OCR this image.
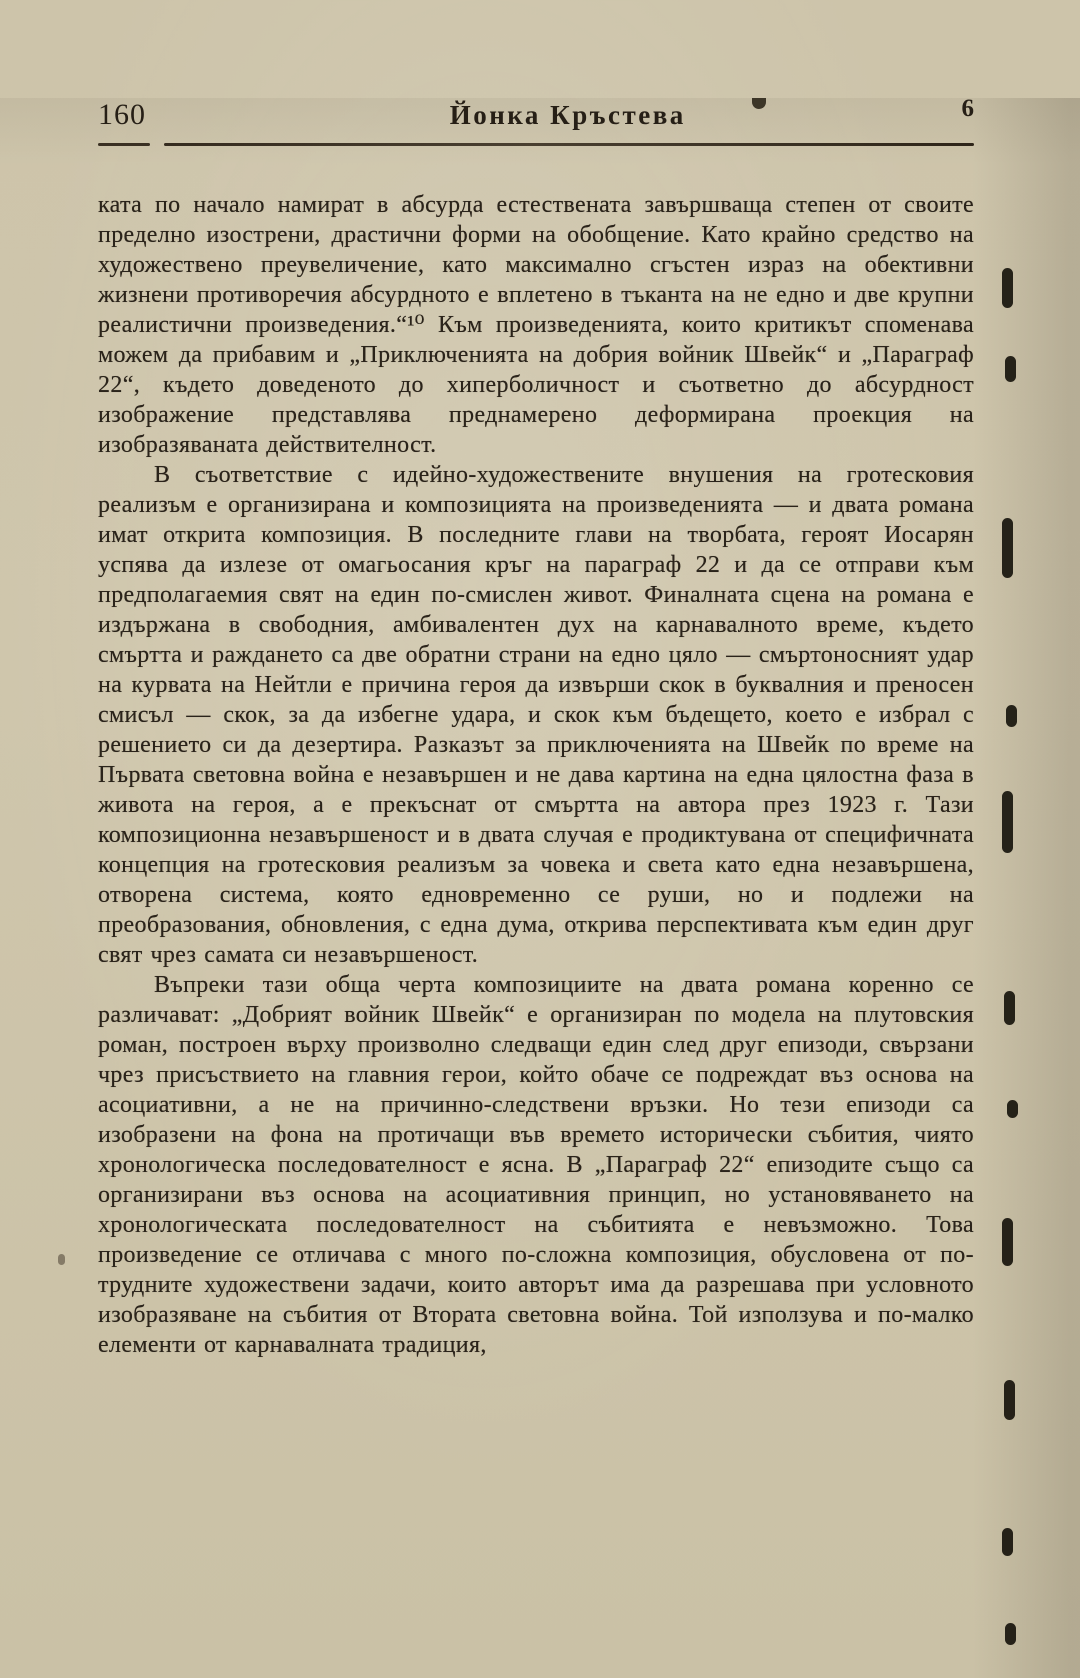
160	Йонка Кръстева	6

ката по начало намират в абсурда естествената завършваща степен от своите пределно изострени, драстични форми на обобщение. Като крайно средство на художествено преувеличение, като максимално сгъстен израз на обективни жизнени противоречия абсурдното е вплетено в тъканта на не едно и две крупни реалистични произведения.“¹⁰ Към произведенията, които критикът споменава можем да прибавим и „Приключенията на добрия войник Швейк“ и „Параграф 22“, където доведеното до хиперболичност и съответно до абсурдност изображение представлява преднамерено деформирана проекция на изобразяваната действителност.

В съответствие с идейно-художествените внушения на гротесковия реализъм е организирана и композицията на произведенията — и двата романа имат открита композиция. В последните глави на творбата, героят Иосарян успява да излезе от омагьосания кръг на параграф 22 и да се отправи към предполагаемия свят на един по-смислен живот. Финалната сцена на романа е издържана в свободния, амбивалентен дух на карнавалното време, където смъртта и раждането са две обратни страни на едно цяло — смъртоносният удар на курвата на Нейтли е причина героя да извърши скок в буквалния и преносен смисъл — скок, за да избегне удара, и скок към бъдещето, което е избрал с решението си да дезертира. Разказът за приключенията на Швейк по време на Първата световна война е незавършен и не дава картина на една цялостна фаза в живота на героя, а е прекъснат от смъртта на автора през 1923 г. Тази композиционна незавършеност и в двата случая е продиктувана от специфичната концепция на гротесковия реализъм за човека и света като една незавършена, отворена система, която едновременно се руши, но и подлежи на преобразования, обновления, с една дума, открива перспективата към един друг свят чрез самата си незавършеност.

Въпреки тази обща черта композициите на двата романа коренно се различават: „Добрият войник Швейк“ е организиран по модела на плутовския роман, построен върху произволно следващи един след друг епизоди, свързани чрез присъствието на главния герои, който обаче се подреждат въз основа на асоциативни, а не на причинно-следствени връзки. Но тези епизоди са изобразени на фона на протичащи във времето исторически събития, чиято хронологическа последователност е ясна. В „Параграф 22“ епизодите също са организирани въз основа на асоциативния принцип, но установяването на хронологическата последователност на събитията е невъзможно. Това произведение се отличава с много по-сложна композиция, обусловена от по-трудните художествени задачи, които авторът има да разрешава при условното изобразяване на събития от Втората световна война. Той използува и по-малко елементи от карнавалната традиция,
